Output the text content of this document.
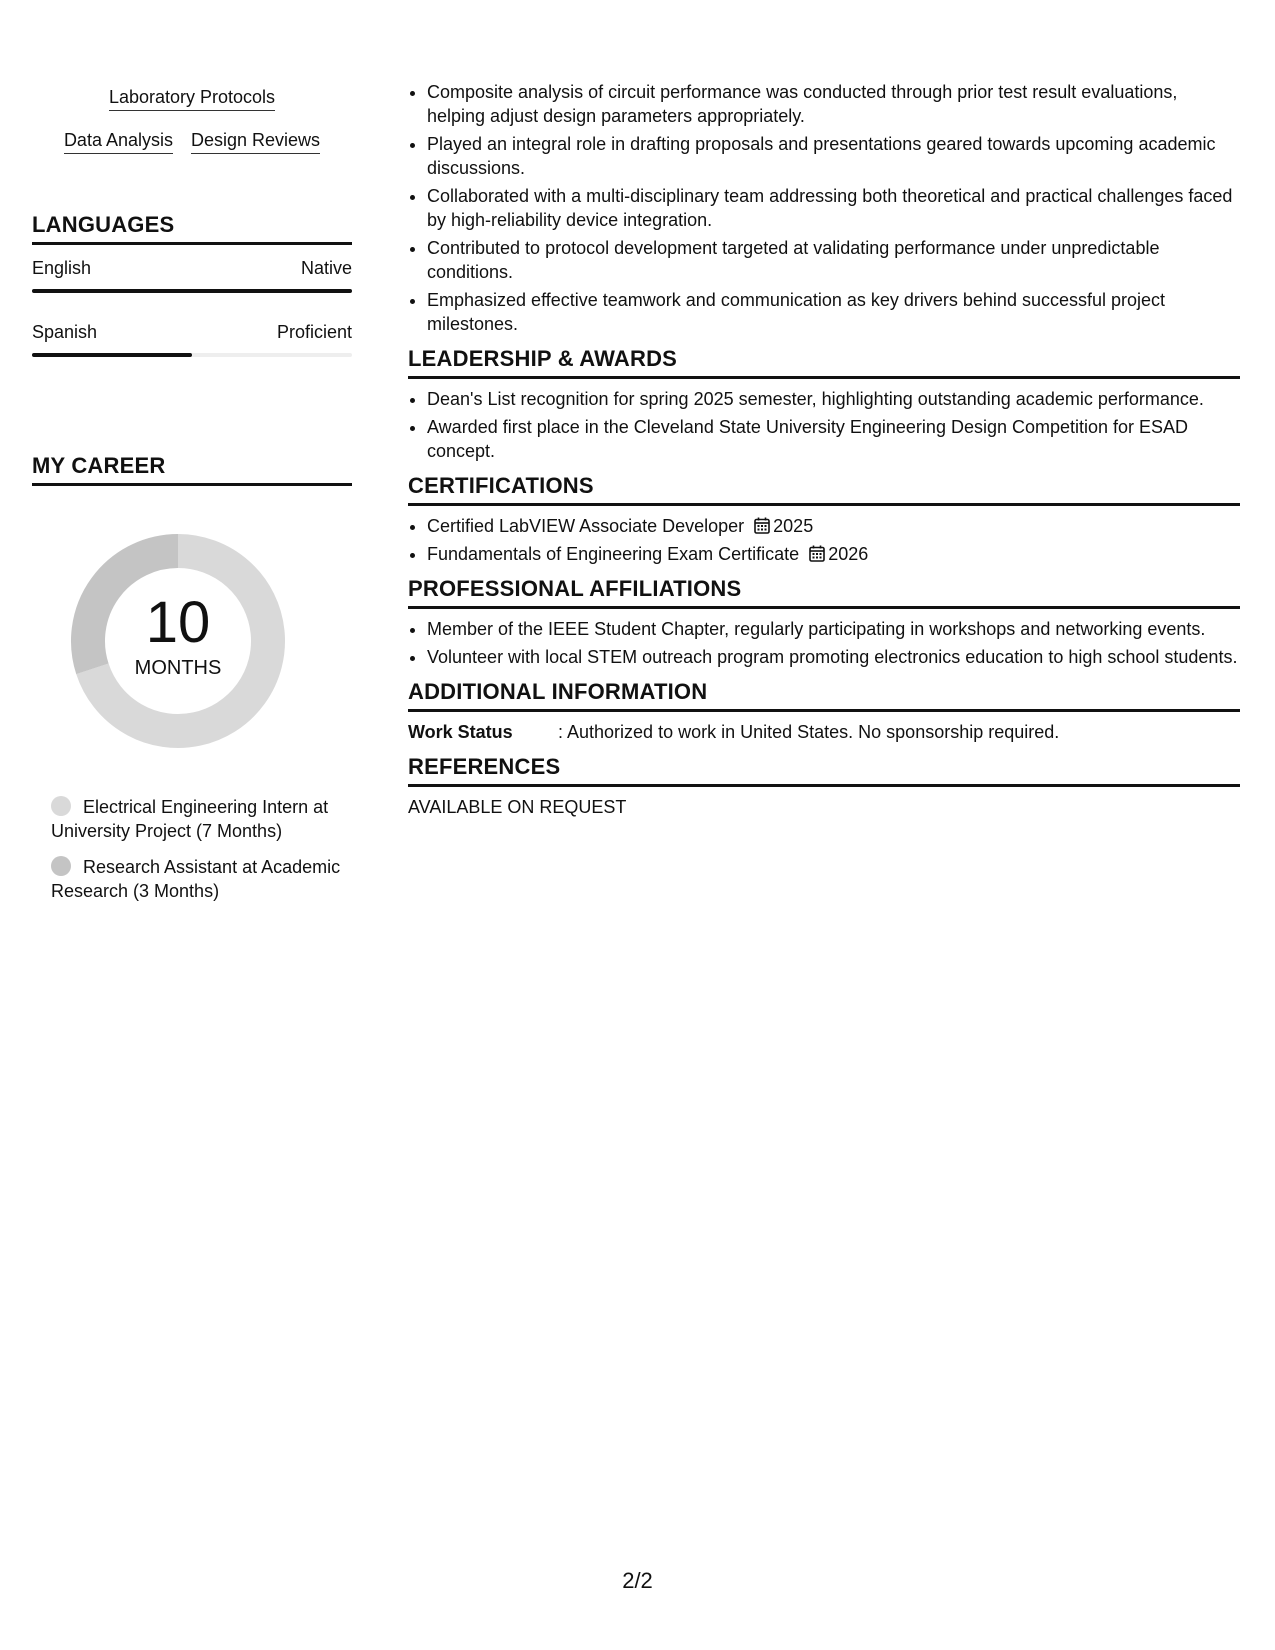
Laboratory Protocols
Data Analysis Design Reviews
LANGUAGES
English	Native
Spanish	Proficient
MY CAREER
10
MONTHS
Electrical Engineering Intern at University Project (7 Months)
Research Assistant at Academic Research (3 Months)
• Composite analysis of circuit performance was conducted through prior test result evaluations, helping adjust design parameters appropriately.
• Played an integral role in drafting proposals and presentations geared towards upcoming academic discussions.
• Collaborated with a multi-disciplinary team addressing both theoretical and practical challenges faced by high-reliability device integration.
• Contributed to protocol development targeted at validating performance under unpredictable conditions.
• Emphasized effective teamwork and communication as key drivers behind successful project milestones.
LEADERSHIP & AWARDS
• Dean's List recognition for spring 2025 semester, highlighting outstanding academic performance.
• Awarded first place in the Cleveland State University Engineering Design Competition for ESAD concept.
CERTIFICATIONS
• Certified LabVIEW Associate Developer 2025
• Fundamentals of Engineering Exam Certificate 2026
PROFESSIONAL AFFILIATIONS
• Member of the IEEE Student Chapter, regularly participating in workshops and networking events.
• Volunteer with local STEM outreach program promoting electronics education to high school students.
ADDITIONAL INFORMATION
Work Status	: Authorized to work in United States. No sponsorship required.
REFERENCES
AVAILABLE ON REQUEST
2/2
